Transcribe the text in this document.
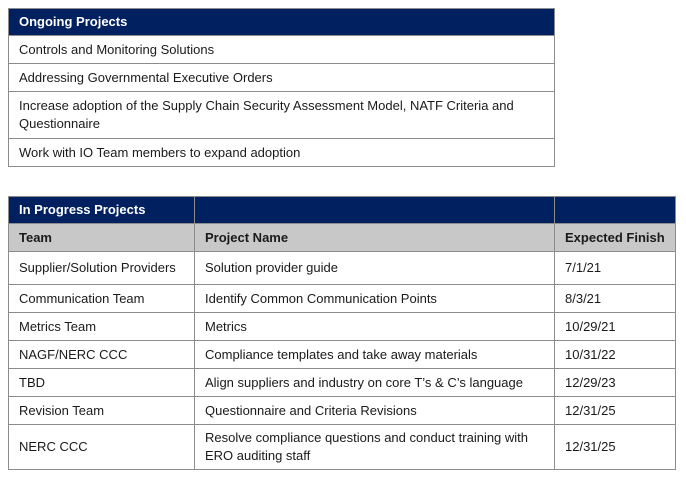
Ongoing Projects
Controls and Monitoring Solutions
Addressing Governmental Executive Orders
Increase adoption of the Supply Chain Security Assessment Model, NATF Criteria and Questionnaire
Work with IO Team members to expand adoption
In Progress Projects		
Team	Project Name	Expected Finish
Supplier/Solution Providers	Solution provider guide	7/1/21
Communication Team	Identify Common Communication Points	8/3/21
Metrics Team	Metrics	10/29/21
NAGF/NERC CCC	Compliance templates and take away materials	10/31/22
TBD	Align suppliers and industry on core T’s & C’s language	12/29/23
Revision Team	Questionnaire and Criteria Revisions	12/31/25
NERC CCC	Resolve compliance questions and conduct training with ERO auditing staff	12/31/25
